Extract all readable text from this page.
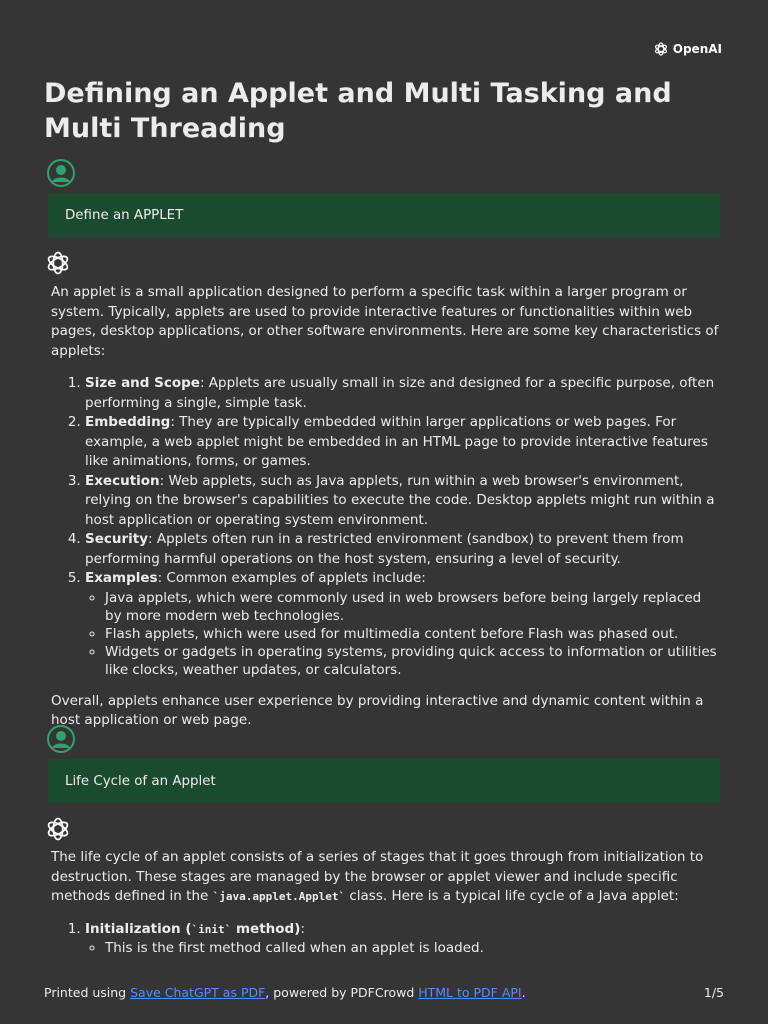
OpenAI
Defining an Applet and Multi Tasking and Multi Threading
Define an APPLET

An applet is a small application designed to perform a specific task within a larger program or system. Typically, applets are used to provide interactive features or functionalities within web pages, desktop applications, or other software environments. Here are some key characteristics of applets:

1. Size and Scope: Applets are usually small in size and designed for a specific purpose, often performing a single, simple task.
2. Embedding: They are typically embedded within larger applications or web pages. For example, a web applet might be embedded in an HTML page to provide interactive features like animations, forms, or games.
3. Execution: Web applets, such as Java applets, run within a web browser's environment, relying on the browser's capabilities to execute the code. Desktop applets might run within a host application or operating system environment.
4. Security: Applets often run in a restricted environment (sandbox) to prevent them from performing harmful operations on the host system, ensuring a level of security.
5. Examples: Common examples of applets include:
◦ Java applets, which were commonly used in web browsers before being largely replaced by more modern web technologies.
◦ Flash applets, which were used for multimedia content before Flash was phased out.
◦ Widgets or gadgets in operating systems, providing quick access to information or utilities like clocks, weather updates, or calculators.

Overall, applets enhance user experience by providing interactive and dynamic content within a host application or web page.

Life Cycle of an Applet

The life cycle of an applet consists of a series of stages that it goes through from initialization to destruction. These stages are managed by the browser or applet viewer and include specific methods defined in the `java.applet.Applet` class. Here is a typical life cycle of a Java applet:

1. Initialization (`init` method):
◦ This is the first method called when an applet is loaded.
Printed using Save ChatGPT as PDF, powered by PDFCrowd HTML to PDF API.	1/5
